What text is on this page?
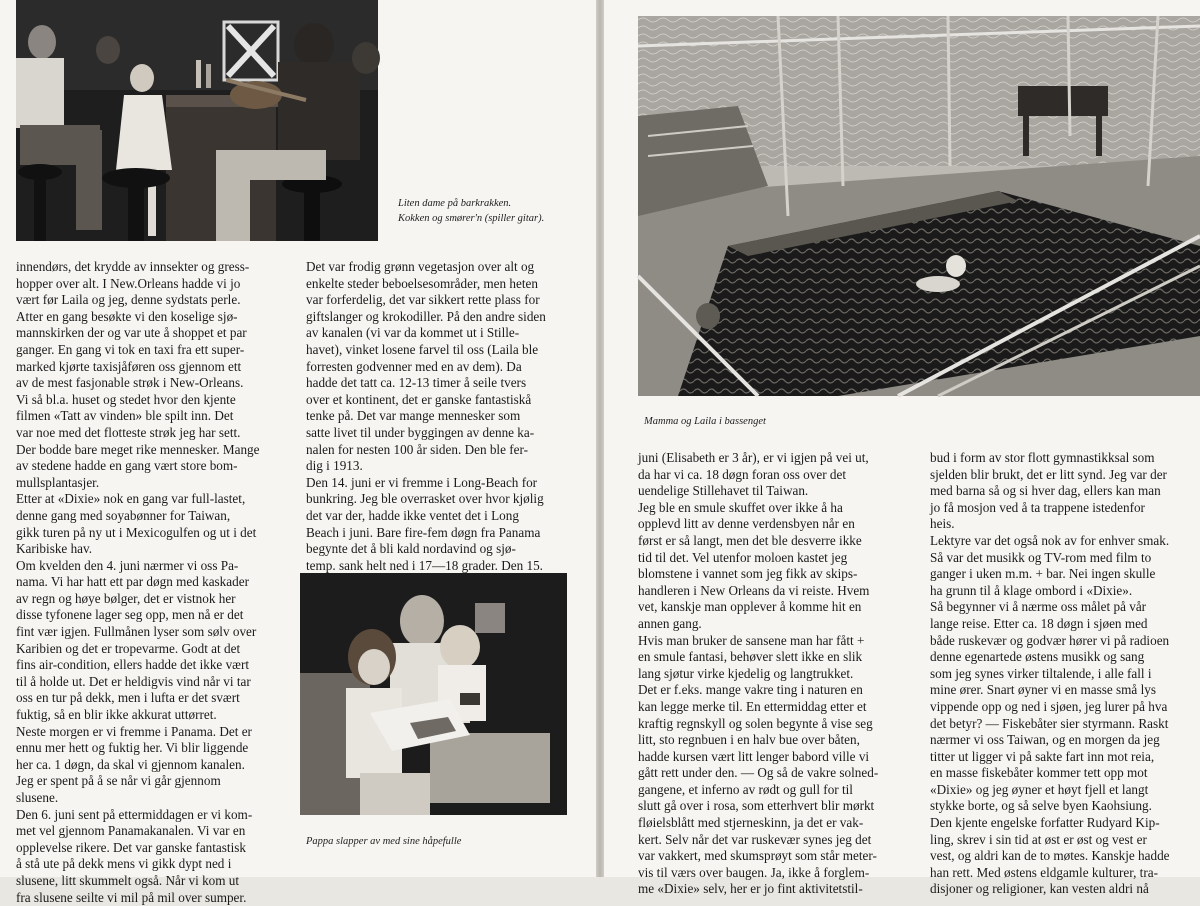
Liten dame på barkrakken.
Kokken og smører'n (spiller gitar).

innendørs, det krydde av innsekter og gress-

hopper over alt. I New.Orleans hadde vi jo

vært før Laila og jeg, denne sydstats perle.

Atter en gang besøkte vi den koselige sjø-

mannskirken der og var ute å shoppet et par

ganger. En gang vi tok en taxi fra ett super-

marked kjørte taxisjåføren oss gjennom ett

av de mest fasjonable strøk i New-Orleans.

Vi så bl.a. huset og stedet hvor den kjente

filmen «Tatt av vinden» ble spilt inn. Det

var noe med det flotteste strøk jeg har sett.

Der bodde bare meget rike mennesker. Mange

av stedene hadde en gang vært store bom-

mullsplantasjer.

Etter at «Dixie» nok en gang var full-lastet,

denne gang med soyabønner for Taiwan,

gikk turen på ny ut i Mexicogulfen og ut i det

Karibiske hav.

Om kvelden den 4. juni nærmer vi oss Pa-

nama. Vi har hatt ett par døgn med kaskader

av regn og høye bølger, det er vistnok her

disse tyfonene lager seg opp, men nå er det

fint vær igjen. Fullmånen lyser som sølv over

Karibien og det er tropevarme. Godt at det

fins air-condition, ellers hadde det ikke vært

til å holde ut. Det er heldigvis vind når vi tar

oss en tur på dekk, men i lufta er det svært

fuktig, så en blir ikke akkurat uttørret.

Neste morgen er vi fremme i Panama. Det er

ennu mer hett og fuktig her. Vi blir liggende

her ca. 1 døgn, da skal vi gjennom kanalen.

Jeg er spent på å se når vi går gjennom

slusene.

Den 6. juni sent på ettermiddagen er vi kom-

met vel gjennom Panamakanalen. Vi var en

opplevelse rikere. Det var ganske fantastisk

å stå ute på dekk mens vi gikk dypt ned i

slusene, litt skummelt også. Når vi kom ut

fra slusene seilte vi mil på mil over sumper.

Det var frodig grønn vegetasjon over alt og

enkelte steder beboelsesområder, men heten

var forferdelig, det var sikkert rette plass for

giftslanger og krokodiller. På den andre siden

av kanalen (vi var da kommet ut i Stille-

havet), vinket losene farvel til oss (Laila ble

forresten godvenner med en av dem). Da

hadde det tatt ca. 12-13 timer å seile tvers

over et kontinent, det er ganske fantastiskå

tenke på. Det var mange mennesker som

satte livet til under byggingen av denne ka-

nalen for nesten 100 år siden. Den ble fer-

dig i 1913.

Den 14. juni er vi fremme i Long-Beach for

bunkring. Jeg ble overrasket over hvor kjølig

det var der, hadde ikke ventet det i Long

Beach i juni. Bare fire-fem døgn fra Panama

begynte det å bli kald nordavind og sjø-

temp. sank helt ned i 17—18 grader. Den 15.

Pappa slapper av med sine håpefulle
Mamma og Laila i bassenget

juni (Elisabeth er 3 år), er vi igjen på vei ut,

da har vi ca. 18 døgn foran oss over det

uendelige Stillehavet til Taiwan.

Jeg ble en smule skuffet over ikke å ha

opplevd litt av denne verdensbyen når en

først er så langt, men det ble desverre ikke

tid til det. Vel utenfor moloen kastet jeg

blomstene i vannet som jeg fikk av skips-

handleren i New Orleans da vi reiste. Hvem

vet, kanskje man opplever å komme hit en

annen gang.

Hvis man bruker de sansene man har fått +

en smule fantasi, behøver slett ikke en slik

lang sjøtur virke kjedelig og langtrukket.

Det er f.eks. mange vakre ting i naturen en

kan legge merke til. En ettermiddag etter et

kraftig regnskyll og solen begynte å vise seg

litt, sto regnbuen i en halv bue over båten,

hadde kursen vært litt lenger babord ville vi

gått rett under den. — Og så de vakre solned-

gangene, et inferno av rødt og gull for til

slutt gå over i rosa, som etterhvert blir mørkt

fløielsblått med stjerneskinn, ja det er vak-

kert. Selv når det var ruskevær synes jeg det

var vakkert, med skumsprøyt som står meter-

vis til værs over baugen. Ja, ikke å forglem-

me «Dixie» selv, her er jo fint aktivitetstil-

bud i form av stor flott gymnastikksal som

sjelden blir brukt, det er litt synd. Jeg var der

med barna så og si hver dag, ellers kan man

jo få mosjon ved å ta trappene istedenfor

heis.

Lektyre var det også nok av for enhver smak.

Så var det musikk og TV-rom med film to

ganger i uken m.m. + bar. Nei ingen skulle

ha grunn til å klage ombord i «Dixie».

Så begynner vi å nærme oss målet på vår

lange reise. Etter ca. 18 døgn i sjøen med

både ruskevær og godvær hører vi på radioen

denne egenartede østens musikk og sang

som jeg synes virker tiltalende, i alle fall i

mine ører. Snart øyner vi en masse små lys

vippende opp og ned i sjøen, jeg lurer på hva

det betyr? — Fiskebåter sier styrmann. Raskt

nærmer vi oss Taiwan, og en morgen da jeg

titter ut ligger vi på sakte fart inn mot reia,

en masse fiskebåter kommer tett opp mot

«Dixie» og jeg øyner et høyt fjell et langt

stykke borte, og så selve byen Kaohsiung.

Den kjente engelske forfatter Rudyard Kip-

ling, skrev i sin tid at øst er øst og vest er

vest, og aldri kan de to møtes. Kanskje hadde

han rett. Med østens eldgamle kulturer, tra-

disjoner og religioner, kan vesten aldri nå
